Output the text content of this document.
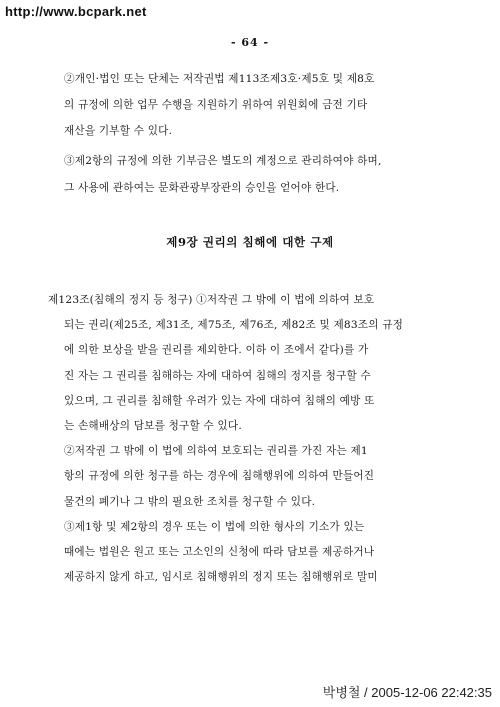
http://www.bcpark.net
- 64 -
②개인·법인 또는 단체는 저작권법 제113조제3호·제5호 및 제8호
의 규정에 의한 업무 수행을 지원하기 위하여 위원회에 금전 기타
재산을 기부할 수 있다.
③제2항의 규정에 의한 기부금은 별도의 계정으로 관리하여야 하며,
그 사용에 관하여는 문화관광부장관의 승인을 얻어야 한다.
제9장 권리의 침해에 대한 구제
제123조(침해의 정지 등 청구) ①저작권 그 밖에 이 법에 의하여 보호
되는 권리(제25조, 제31조, 제75조, 제76조, 제82조 및 제83조의 규정
에 의한 보상을 받을 권리를 제외한다. 이하 이 조에서 같다)를 가
진 자는 그 권리를 침해하는 자에 대하여 침해의 정지를 청구할 수
있으며, 그 권리를 침해할 우려가 있는 자에 대하여 침해의 예방 또
는 손해배상의 담보를 청구할 수 있다.
②저작권 그 밖에 이 법에 의하여 보호되는 권리를 가진 자는 제1
항의 규정에 의한 청구를 하는 경우에 침해행위에 의하여 만들어진
물건의 폐기나 그 밖의 필요한 조치를 청구할 수 있다.
③제1항 및 제2항의 경우 또는 이 법에 의한 형사의 기소가 있는
때에는 법원은 원고 또는 고소인의 신청에 따라 담보를 제공하거나
제공하지 않게 하고, 임시로 침해행위의 정지 또는 침해행위로 말미
박병철 / 2005-12-06 22:42:35
